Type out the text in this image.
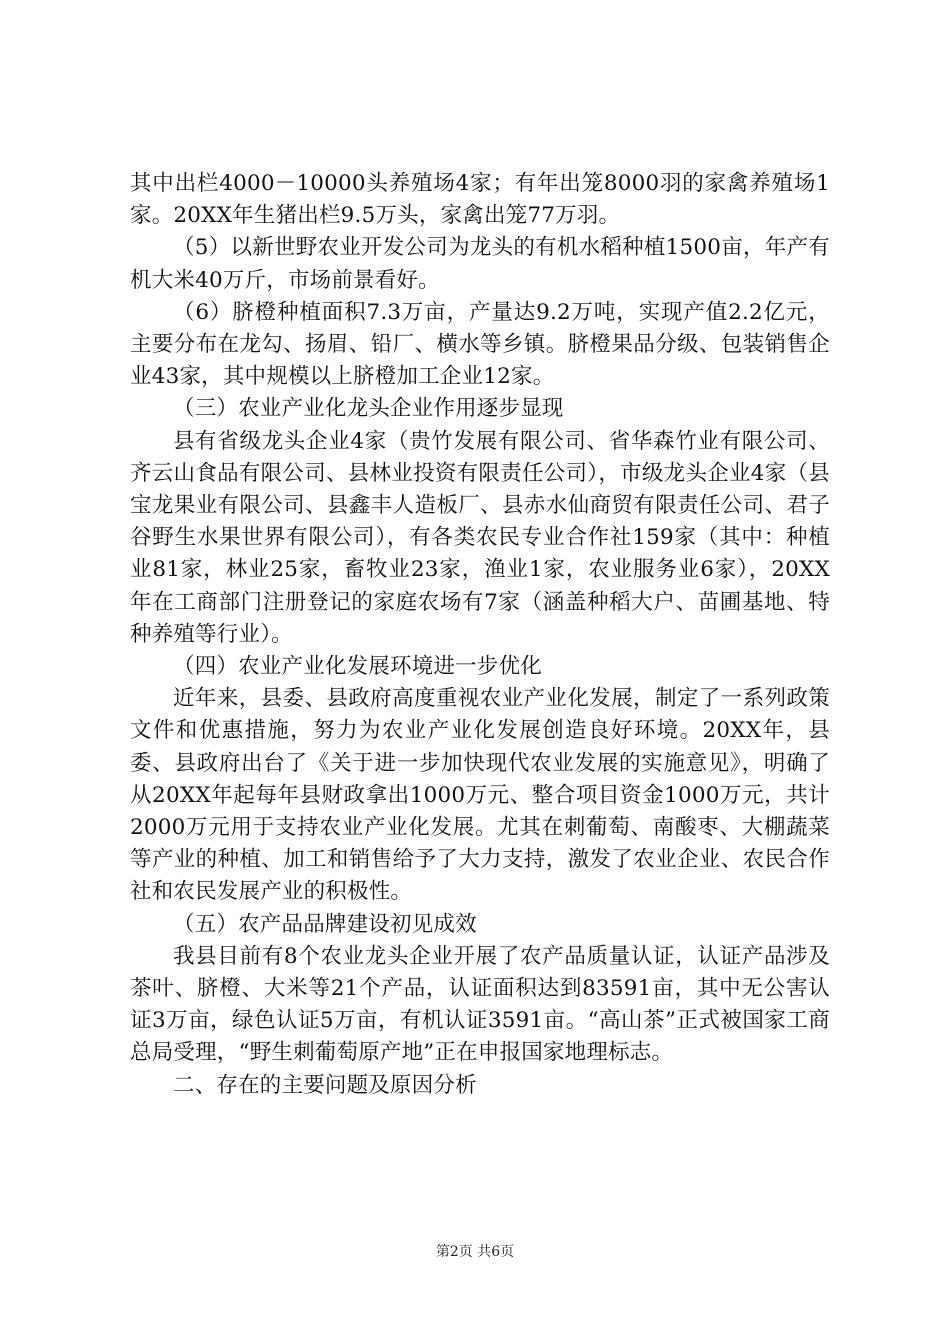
其中出栏4000－10000头养殖场4家；有年出笼8000羽的家禽养殖场1家。20XX年生猪出栏9.5万头，家禽出笼77万羽。

（5）以新世野农业开发公司为龙头的有机水稻种植1500亩，年产有机大米40万斤，市场前景看好。

（6）脐橙种植面积7.3万亩，产量达9.2万吨，实现产值2.2亿元，主要分布在龙勾、扬眉、铅厂、横水等乡镇。脐橙果品分级、包装销售企业43家，其中规模以上脐橙加工企业12家。

（三）农业产业化龙头企业作用逐步显现

县有省级龙头企业4家（贵竹发展有限公司、省华森竹业有限公司、齐云山食品有限公司、县林业投资有限责任公司），市级龙头企业4家（县宝龙果业有限公司、县鑫丰人造板厂、县赤水仙商贸有限责任公司、君子谷野生水果世界有限公司），有各类农民专业合作社159家（其中：种植业81家，林业25家，畜牧业23家，渔业1家，农业服务业6家），20XX年在工商部门注册登记的家庭农场有7家（涵盖种稻大户、苗圃基地、特种养殖等行业）。

（四）农业产业化发展环境进一步优化

近年来，县委、县政府高度重视农业产业化发展，制定了一系列政策文件和优惠措施，努力为农业产业化发展创造良好环境。20XX年，县委、县政府出台了《关于进一步加快现代农业发展的实施意见》，明确了从20XX年起每年县财政拿出1000万元、整合项目资金1000万元，共计2000万元用于支持农业产业化发展。尤其在刺葡萄、南酸枣、大棚蔬菜等产业的种植、加工和销售给予了大力支持，激发了农业企业、农民合作社和农民发展产业的积极性。

（五）农产品品牌建设初见成效

我县目前有8个农业龙头企业开展了农产品质量认证，认证产品涉及茶叶、脐橙、大米等21个产品，认证面积达到83591亩，其中无公害认证3万亩，绿色认证5万亩，有机认证3591亩。“高山茶”正式被国家工商总局受理，“野生刺葡萄原产地”正在申报国家地理标志。

二、存在的主要问题及原因分析

第2页 共6页
